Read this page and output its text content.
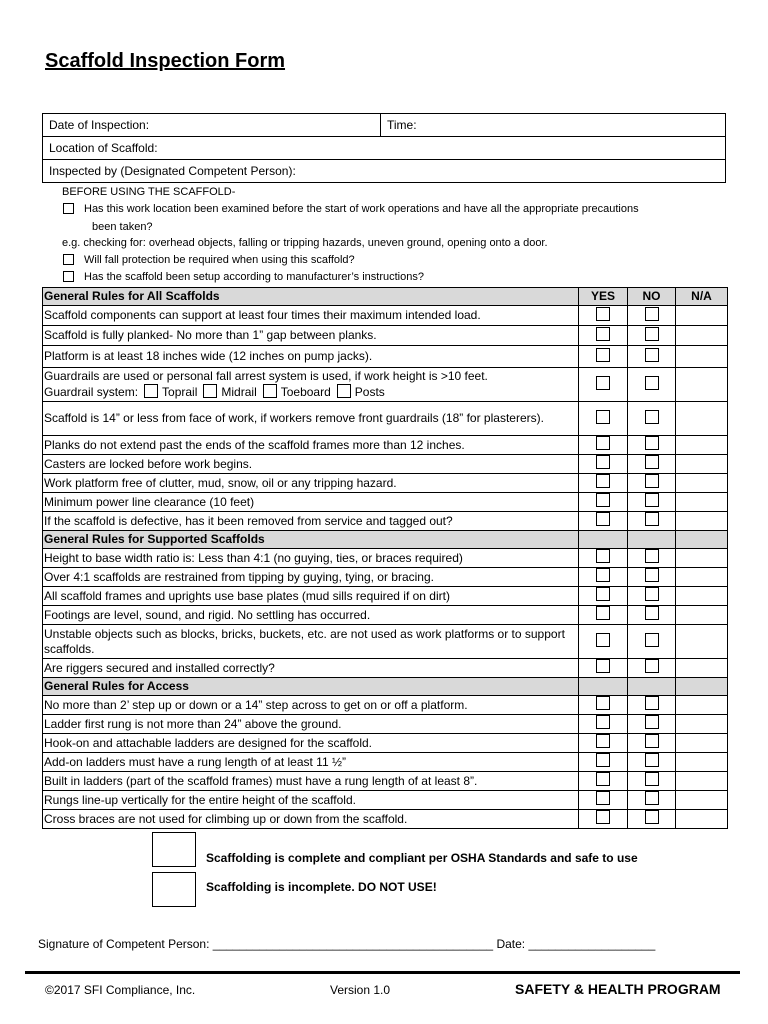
Scaffold Inspection Form
Date of Inspection:	Time:
Location of Scaffold:
Inspected by (Designated Competent Person):
BEFORE USING THE SCAFFOLD-
Has this work location been examined before the start of work operations and have all the appropriate precautions
been taken?
e.g. checking for: overhead objects, falling or tripping hazards, uneven ground, opening onto a door.
Will fall protection be required when using this scaffold?
Has the scaffold been setup according to manufacturer’s instructions?
General Rules for All Scaffolds	YES	NO	N/A

Scaffold components can support at least four times their maximum intended load.			

Scaffold is fully planked- No more than 1” gap between planks.			

Platform is at least 18 inches wide (12 inches on pump jacks).			

Guardrails are used or personal fall arrest system is used, if work height is >10 feet.
Guardrail system: Toprail Midrail Toeboard Posts			

Scaffold is 14” or less from face of work, if workers remove front guardrails (18” for plasterers).			

Planks do not extend past the ends of the scaffold frames more than 12 inches.			

Casters are locked before work begins.			

Work platform free of clutter, mud, snow, oil or any tripping hazard.			

Minimum power line clearance (10 feet)			

If the scaffold is defective, has it been removed from service and tagged out?			

General Rules for Supported Scaffolds			

Height to base width ratio is: Less than 4:1 (no guying, ties, or braces required)			

Over 4:1 scaffolds are restrained from tipping by guying, tying, or bracing.			

All scaffold frames and uprights use base plates (mud sills required if on dirt)			

Footings are level, sound, and rigid. No settling has occurred.			

Unstable objects such as blocks, bricks, buckets, etc. are not used as work platforms or to support scaffolds.			

Are riggers secured and installed correctly?			

General Rules for Access			

No more than 2’ step up or down or a 14” step across to get on or off a platform.			

Ladder first rung is not more than 24” above the ground.			

Hook-on and attachable ladders are designed for the scaffold.			

Add-on ladders must have a rung length of at least 11 ½”			

Built in ladders (part of the scaffold frames) must have a rung length of at least 8”.			

Rungs line-up vertically for the entire height of the scaffold.			

Cross braces are not used for climbing up or down from the scaffold.			

Scaffolding is complete and compliant per OSHA Standards and safe to use
Scaffolding is incomplete. DO NOT USE!
Signature of Competent Person: __________________________________________ Date: ___________________
©2017 SFI Compliance, Inc.	Version 1.0	SAFETY & HEALTH PROGRAM
